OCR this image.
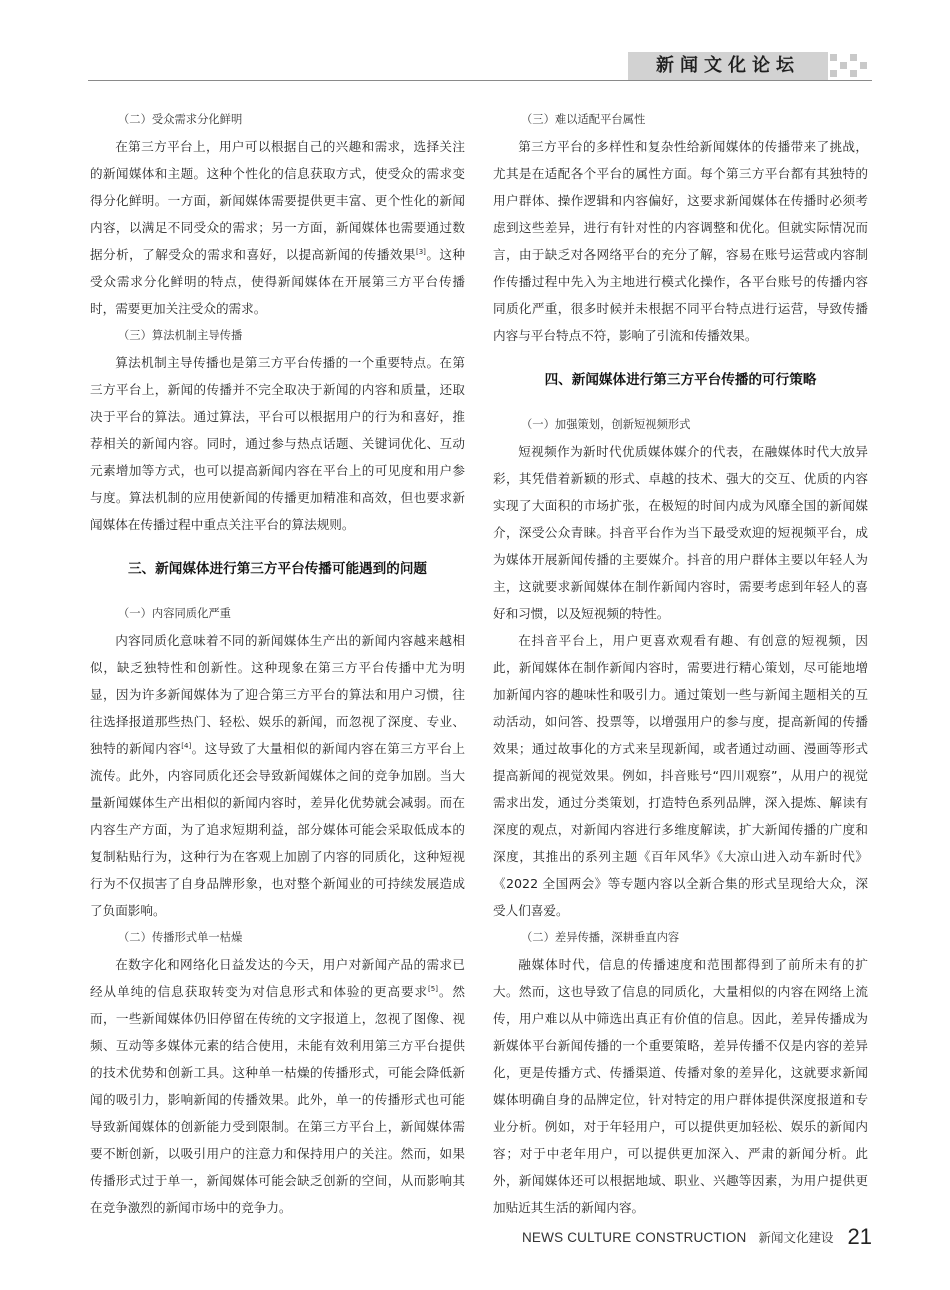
新闻文化论坛
（二）受众需求分化鲜明

在第三方平台上，用户可以根据自己的兴趣和需求，选择关注的新闻媒体和主题。这种个性化的信息获取方式，使受众的需求变得分化鲜明。一方面，新闻媒体需要提供更丰富、更个性化的新闻内容，以满足不同受众的需求；另一方面，新闻媒体也需要通过数据分析，了解受众的需求和喜好，以提高新闻的传播效果[3]。这种受众需求分化鲜明的特点，使得新闻媒体在开展第三方平台传播时，需要更加关注受众的需求。

（三）算法机制主导传播

算法机制主导传播也是第三方平台传播的一个重要特点。在第三方平台上，新闻的传播并不完全取决于新闻的内容和质量，还取决于平台的算法。通过算法，平台可以根据用户的行为和喜好，推荐相关的新闻内容。同时，通过参与热点话题、关键词优化、互动元素增加等方式，也可以提高新闻内容在平台上的可见度和用户参与度。算法机制的应用使新闻的传播更加精准和高效，但也要求新闻媒体在传播过程中重点关注平台的算法规则。

三、新闻媒体进行第三方平台传播可能遇到的问题
（一）内容同质化严重

内容同质化意味着不同的新闻媒体生产出的新闻内容越来越相似，缺乏独特性和创新性。这种现象在第三方平台传播中尤为明显，因为许多新闻媒体为了迎合第三方平台的算法和用户习惯，往往选择报道那些热门、轻松、娱乐的新闻，而忽视了深度、专业、独特的新闻内容[4]。这导致了大量相似的新闻内容在第三方平台上流传。此外，内容同质化还会导致新闻媒体之间的竞争加剧。当大量新闻媒体生产出相似的新闻内容时，差异化优势就会减弱。而在内容生产方面，为了追求短期利益，部分媒体可能会采取低成本的复制粘贴行为，这种行为在客观上加剧了内容的同质化，这种短视行为不仅损害了自身品牌形象，也对整个新闻业的可持续发展造成了负面影响。

（二）传播形式单一枯燥

在数字化和网络化日益发达的今天，用户对新闻产品的需求已经从单纯的信息获取转变为对信息形式和体验的更高要求[5]。然而，一些新闻媒体仍旧停留在传统的文字报道上，忽视了图像、视频、互动等多媒体元素的结合使用，未能有效利用第三方平台提供的技术优势和创新工具。这种单一枯燥的传播形式，可能会降低新闻的吸引力，影响新闻的传播效果。此外，单一的传播形式也可能导致新闻媒体的创新能力受到限制。在第三方平台上，新闻媒体需要不断创新，以吸引用户的注意力和保持用户的关注。然而，如果传播形式过于单一，新闻媒体可能会缺乏创新的空间，从而影响其在竞争激烈的新闻市场中的竞争力。

（三）难以适配平台属性

第三方平台的多样性和复杂性给新闻媒体的传播带来了挑战，尤其是在适配各个平台的属性方面。每个第三方平台都有其独特的用户群体、操作逻辑和内容偏好，这要求新闻媒体在传播时必须考虑到这些差异，进行有针对性的内容调整和优化。但就实际情况而言，由于缺乏对各网络平台的充分了解，容易在账号运营或内容制作传播过程中先入为主地进行模式化操作，各平台账号的传播内容同质化严重，很多时候并未根据不同平台特点进行运营，导致传播内容与平台特点不符，影响了引流和传播效果。

四、新闻媒体进行第三方平台传播的可行策略
（一）加强策划，创新短视频形式

短视频作为新时代优质媒体媒介的代表，在融媒体时代大放异彩，其凭借着新颖的形式、卓越的技术、强大的交互、优质的内容实现了大面积的市场扩张，在极短的时间内成为风靡全国的新闻媒介，深受公众青睐。抖音平台作为当下最受欢迎的短视频平台，成为媒体开展新闻传播的主要媒介。抖音的用户群体主要以年轻人为主，这就要求新闻媒体在制作新闻内容时，需要考虑到年轻人的喜好和习惯，以及短视频的特性。

在抖音平台上，用户更喜欢观看有趣、有创意的短视频，因此，新闻媒体在制作新闻内容时，需要进行精心策划，尽可能地增加新闻内容的趣味性和吸引力。通过策划一些与新闻主题相关的互动活动，如问答、投票等，以增强用户的参与度，提高新闻的传播效果；通过故事化的方式来呈现新闻，或者通过动画、漫画等形式提高新闻的视觉效果。例如，抖音账号“四川观察”，从用户的视觉需求出发，通过分类策划，打造特色系列品牌，深入提炼、解读有深度的观点，对新闻内容进行多维度解读，扩大新闻传播的广度和深度，其推出的系列主题《百年风华》《大凉山进入动车新时代》《2022 全国两会》等专题内容以全新合集的形式呈现给大众，深受人们喜爱。

（二）差异传播，深耕垂直内容

融媒体时代，信息的传播速度和范围都得到了前所未有的扩大。然而，这也导致了信息的同质化，大量相似的内容在网络上流传，用户难以从中筛选出真正有价值的信息。因此，差异传播成为新媒体平台新闻传播的一个重要策略，差异传播不仅是内容的差异化，更是传播方式、传播渠道、传播对象的差异化，这就要求新闻媒体明确自身的品牌定位，针对特定的用户群体提供深度报道和专业分析。例如，对于年轻用户，可以提供更加轻松、娱乐的新闻内容；对于中老年用户，可以提供更加深入、严肃的新闻分析。此外，新闻媒体还可以根据地域、职业、兴趣等因素，为用户提供更加贴近其生活的新闻内容。

NEWS CULTURE CONSTRUCTION 新闻文化建设 21
